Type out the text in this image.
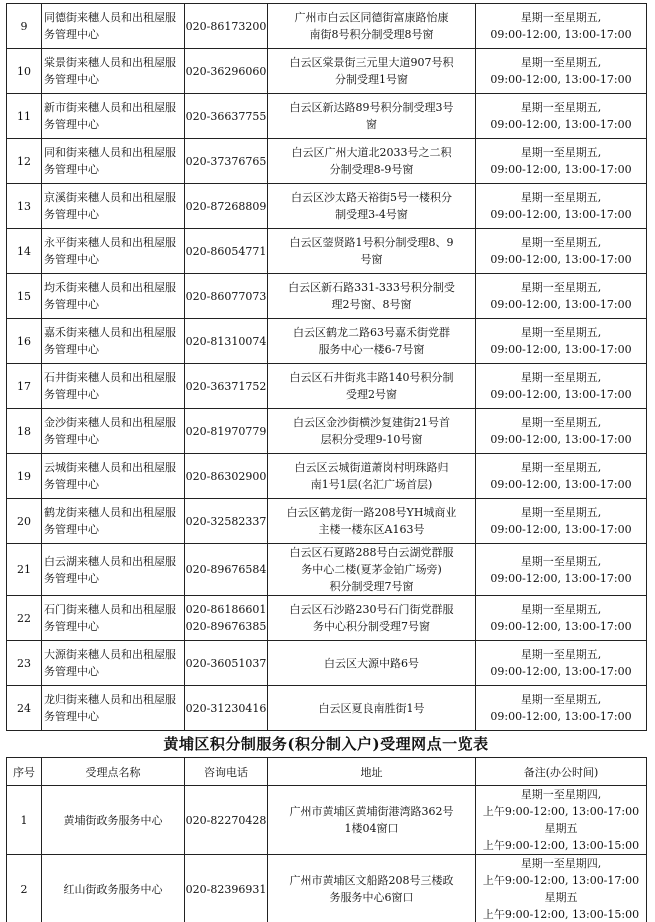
9	同德街来穗人员和出租屋服务管理中心	020-86173200	广州市白云区同德街富康路怡康
南街8号积分制受理8号窗	星期一至星期五,
09:00-12:00, 13:00-17:00

10	棠景街来穗人员和出租屋服务管理中心	020-36296060	白云区棠景街三元里大道907号积
分制受理1号窗	星期一至星期五,
09:00-12:00, 13:00-17:00

11	新市街来穗人员和出租屋服务管理中心	020-36637755	白云区新达路89号积分制受理3号
窗	星期一至星期五,
09:00-12:00, 13:00-17:00

12	同和街来穗人员和出租屋服务管理中心	020-37376765	白云区广州大道北2033号之二积
分制受理8-9号窗	星期一至星期五,
09:00-12:00, 13:00-17:00

13	京溪街来穗人员和出租屋服务管理中心	020-87268809	白云区沙太路天裕街5号一楼积分
制受理3-4号窗	星期一至星期五,
09:00-12:00, 13:00-17:00

14	永平街来穗人员和出租屋服务管理中心	020-86054771	白云区蓥贤路1号积分制受理8、9
号窗	星期一至星期五,
09:00-12:00, 13:00-17:00

15	均禾街来穗人员和出租屋服务管理中心	020-86077073	白云区新石路331-333号积分制受
理2号窗、8号窗	星期一至星期五,
09:00-12:00, 13:00-17:00

16	嘉禾街来穗人员和出租屋服务管理中心	020-81310074	白云区鹤龙二路63号嘉禾街党群
服务中心一楼6-7号窗	星期一至星期五,
09:00-12:00, 13:00-17:00

17	石井街来穗人员和出租屋服务管理中心	020-36371752	白云区石井街兆丰路140号积分制
受理2号窗	星期一至星期五,
09:00-12:00, 13:00-17:00

18	金沙街来穗人员和出租屋服务管理中心	020-81970779	白云区金沙街横沙复建街21号首
层积分受理9-10号窗	星期一至星期五,
09:00-12:00, 13:00-17:00

19	云城街来穗人员和出租屋服务管理中心	020-86302900	白云区云城街道萧岗村明珠路归
南1号1层(名汇广场首层)	星期一至星期五,
09:00-12:00, 13:00-17:00

20	鹤龙街来穗人员和出租屋服务管理中心	020-32582337	白云区鹤龙街一路208号YH城商业
主楼一楼东区A163号	星期一至星期五,
09:00-12:00, 13:00-17:00

21	白云湖来穗人员和出租屋服务管理中心	020-89676584	白云区石夏路288号白云湖党群服
务中心二楼(夏茅金铂广场旁)
积分制受理7号窗	星期一至星期五,
09:00-12:00, 13:00-17:00

22	石门街来穗人员和出租屋服务管理中心	020-86186601
020-89676385	白云区石沙路230号石门街党群服
务中心积分制受理7号窗	星期一至星期五,
09:00-12:00, 13:00-17:00

23	大源街来穗人员和出租屋服务管理中心	020-36051037	白云区大源中路6号	星期一至星期五,
09:00-12:00, 13:00-17:00

24	龙归街来穗人员和出租屋服务管理中心	020-31230416	白云区夏良南胜街1号	星期一至星期五,
09:00-12:00, 13:00-17:00
黄埔区积分制服务(积分制入户)受理网点一览表
序号	受理点名称	咨询电话	地址	备注(办公时间)
1	黄埔街政务服务中心	020-82270428	广州市黄埔区黄埔街港湾路362号
1楼04窗口	星期一至星期四,
上午9:00-12:00, 13:00-17:00
星期五
上午9:00-12:00, 13:00-15:00

2	红山街政务服务中心	020-82396931	广州市黄埔区文船路208号三楼政
务服务中心6窗口	星期一至星期四,
上午9:00-12:00, 13:00-17:00
星期五
上午9:00-12:00, 13:00-15:00
